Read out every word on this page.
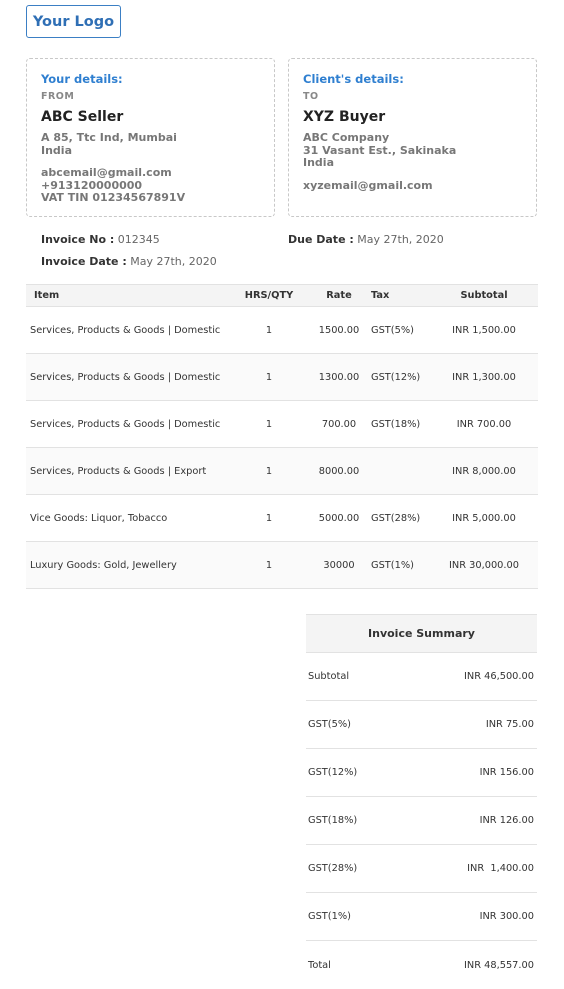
Your Logo
Your details:
FROM
ABC Seller
A 85, Ttc Ind, Mumbai
India
abcemail@gmail.com
+913120000000
VAT TIN 01234567891V
Client's details:
TO
XYZ Buyer
ABC Company
31 Vasant Est., Sakinaka
India
xyzemail@gmail.com
Invoice No : 012345	Due Date : May 27th, 2020
Invoice Date : May 27th, 2020
Item	HRS/QTY	Rate	Tax	Subtotal
Services, Products & Goods | Domestic	1	1500.00	GST(5%)	INR 1,500.00
Services, Products & Goods | Domestic	1	1300.00	GST(12%)	INR 1,300.00
Services, Products & Goods | Domestic	1	700.00	GST(18%)	INR 700.00
Services, Products & Goods | Export	1	8000.00		INR 8,000.00
Vice Goods: Liquor, Tobacco	1	5000.00	GST(28%)	INR 5,000.00
Luxury Goods: Gold, Jewellery	1	30000	GST(1%)	INR 30,000.00
Invoice Summary
Subtotal	INR 46,500.00
GST(5%)	INR 75.00
GST(12%)	INR 156.00
GST(18%)	INR 126.00
GST(28%)	INR  1,400.00
GST(1%)	INR 300.00
Total	INR 48,557.00
